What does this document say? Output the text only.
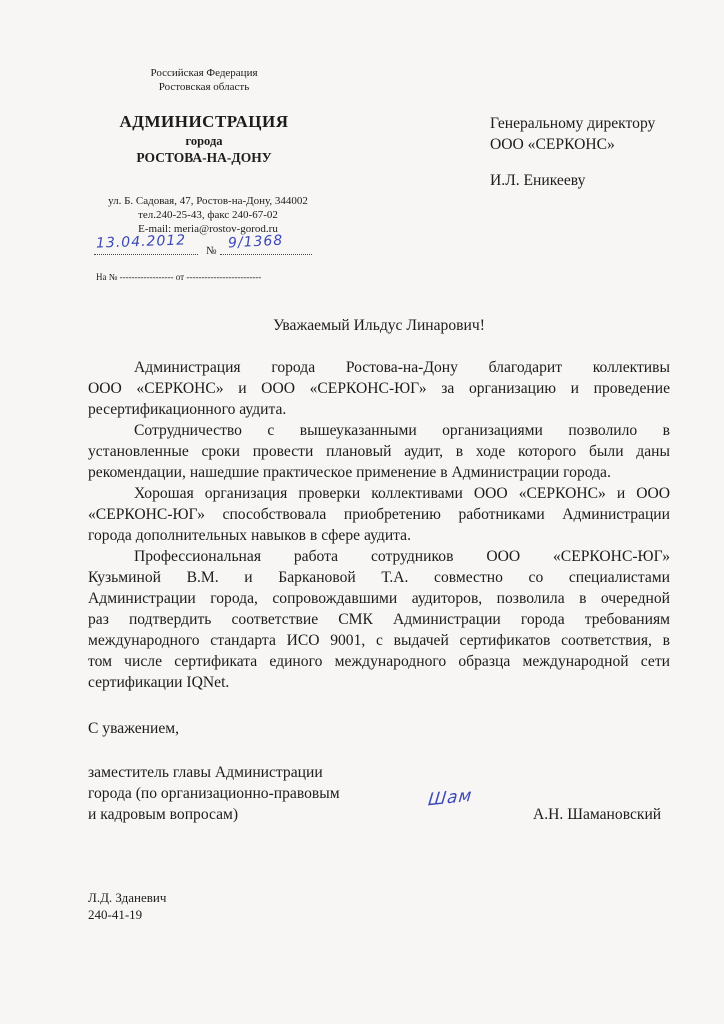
Российская Федерация
Ростовская область
АДМИНИСТРАЦИЯ
города
РОСТОВА-НА-ДОНУ
ул. Б. Садовая, 47, Ростов-на-Дону, 344002
тел.240-25-43, факс 240-67-02
E-mail: meria@rostov-gorod.ru
13.04.2012 № 9/1368
На № ------------------ от -------------------------
Генеральному директору
ООО «СЕРКОНС»
И.Л. Еникееву
Уважаемый Ильдус Линарович!
Администрация города Ростова-на-Дону благодарит коллективы
ООО «СЕРКОНС» и ООО «СЕРКОНС-ЮГ» за организацию и проведение
ресертификационного аудита.
Сотрудничество с вышеуказанными организациями позволило в
установленные сроки провести плановый аудит, в ходе которого были даны
рекомендации, нашедшие практическое применение в Администрации города.
Хорошая организация проверки коллективами ООО «СЕРКОНС» и ООО
«СЕРКОНС-ЮГ» способствовала приобретению работниками Администрации
города дополнительных навыков в сфере аудита.
Профессиональная работа сотрудников ООО «СЕРКОНС-ЮГ»
Кузьминой В.М. и Баркановой Т.А. совместно со специалистами
Администрации города, сопровождавшими аудиторов, позволила в очередной
раз подтвердить соответствие СМК Администрации города требованиям
международного стандарта ИСО 9001, с выдачей сертификатов соответствия, в
том числе сертификата единого международного образца международной сети
сертификации IQNet.
С уважением,
заместитель главы Администрации
города (по организационно-правовым
и кадровым вопросам)
Шам
А.Н. Шамановский
Л.Д. Зданевич
240-41-19
